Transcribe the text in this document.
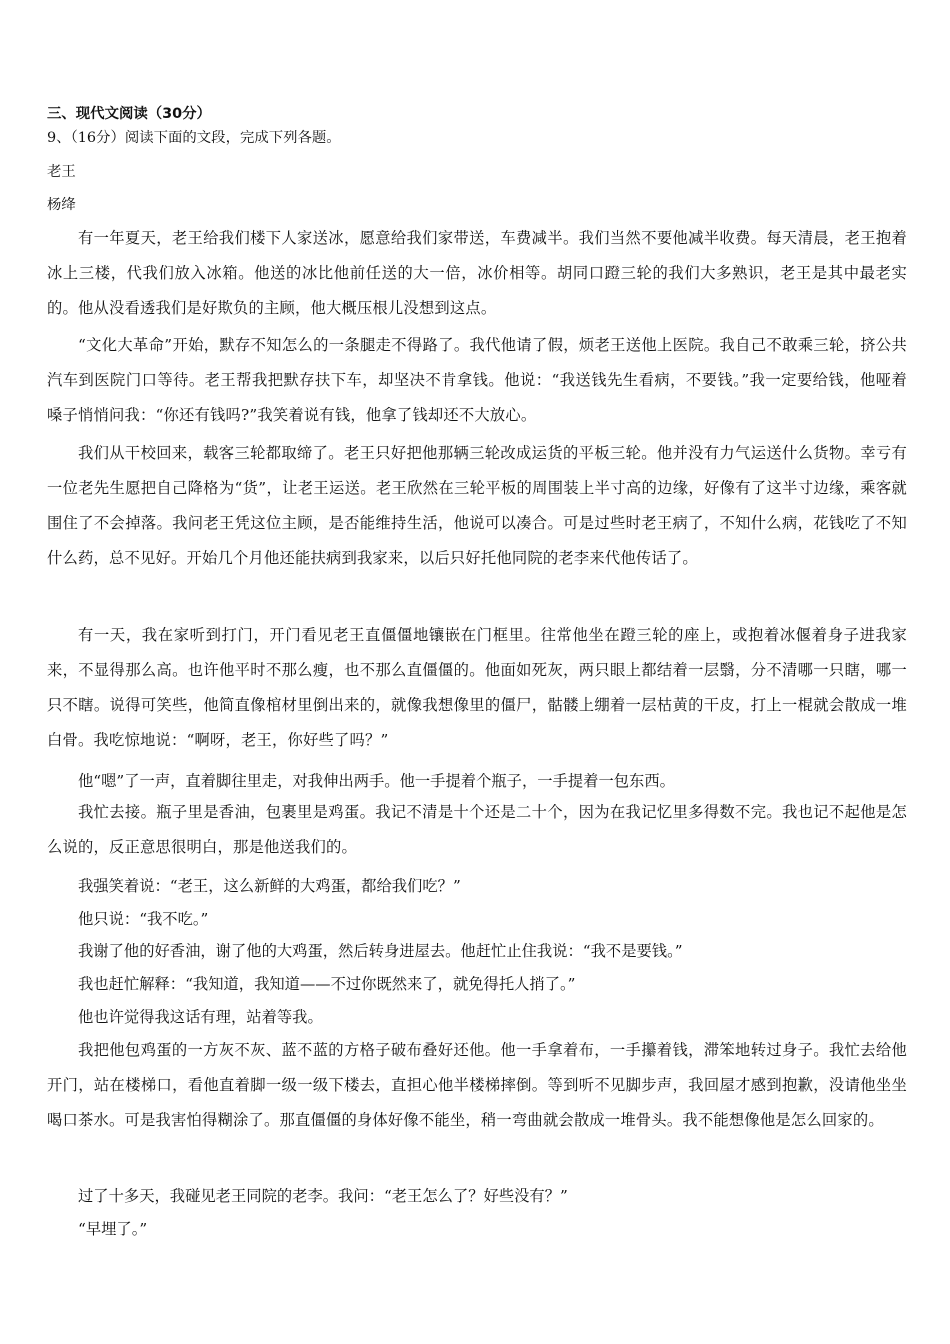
三、现代文阅读（30分）
9、（16分）阅读下面的文段，完成下列各题。
老王
杨绛
有一年夏天，老王给我们楼下人家送冰，愿意给我们家带送，车费减半。我们当然不要他减半收费。每天清晨，老王抱着冰上三楼，代我们放入冰箱。他送的冰比他前任送的大一倍，冰价相等。胡同口蹬三轮的我们大多熟识，老王是其中最老实的。他从没看透我们是好欺负的主顾，他大概压根儿没想到这点。
“文化大革命”开始，默存不知怎么的一条腿走不得路了。我代他请了假，烦老王送他上医院。我自己不敢乘三轮，挤公共汽车到医院门口等待。老王帮我把默存扶下车，却坚决不肯拿钱。他说：“我送钱先生看病，不要钱。”我一定要给钱，他哑着嗓子悄悄问我：“你还有钱吗?”我笑着说有钱，他拿了钱却还不大放心。
我们从干校回来，载客三轮都取缔了。老王只好把他那辆三轮改成运货的平板三轮。他并没有力气运送什么货物。幸亏有一位老先生愿把自己降格为“货”，让老王运送。老王欣然在三轮平板的周围装上半寸高的边缘，好像有了这半寸边缘，乘客就围住了不会掉落。我问老王凭这位主顾，是否能维持生活，他说可以凑合。可是过些时老王病了，不知什么病，花钱吃了不知什么药，总不见好。开始几个月他还能扶病到我家来，以后只好托他同院的老李来代他传话了。
有一天，我在家听到打门，开门看见老王直僵僵地镶嵌在门框里。往常他坐在蹬三轮的座上，或抱着冰偃着身子进我家来，不显得那么高。也许他平时不那么瘦，也不那么直僵僵的。他面如死灰，两只眼上都结着一层翳，分不清哪一只瞎，哪一只不瞎。说得可笑些，他简直像棺材里倒出来的，就像我想像里的僵尸，骷髅上绷着一层枯黄的干皮，打上一棍就会散成一堆白骨。我吃惊地说：“啊呀，老王，你好些了吗？”
他“嗯”了一声，直着脚往里走，对我伸出两手。他一手提着个瓶子，一手提着一包东西。
我忙去接。瓶子里是香油，包裹里是鸡蛋。我记不清是十个还是二十个，因为在我记忆里多得数不完。我也记不起他是怎么说的，反正意思很明白，那是他送我们的。
我强笑着说：“老王，这么新鲜的大鸡蛋，都给我们吃？”
他只说：“我不吃。”
我谢了他的好香油，谢了他的大鸡蛋，然后转身进屋去。他赶忙止住我说：“我不是要钱。”
我也赶忙解释：“我知道，我知道——不过你既然来了，就免得托人捎了。”
他也许觉得我这话有理，站着等我。
我把他包鸡蛋的一方灰不灰、蓝不蓝的方格子破布叠好还他。他一手拿着布，一手攥着钱，滞笨地转过身子。我忙去给他开门，站在楼梯口，看他直着脚一级一级下楼去，直担心他半楼梯摔倒。等到听不见脚步声，我回屋才感到抱歉，没请他坐坐喝口茶水。可是我害怕得糊涂了。那直僵僵的身体好像不能坐，稍一弯曲就会散成一堆骨头。我不能想像他是怎么回家的。
过了十多天，我碰见老王同院的老李。我问：“老王怎么了？好些没有？”
“早埋了。”
